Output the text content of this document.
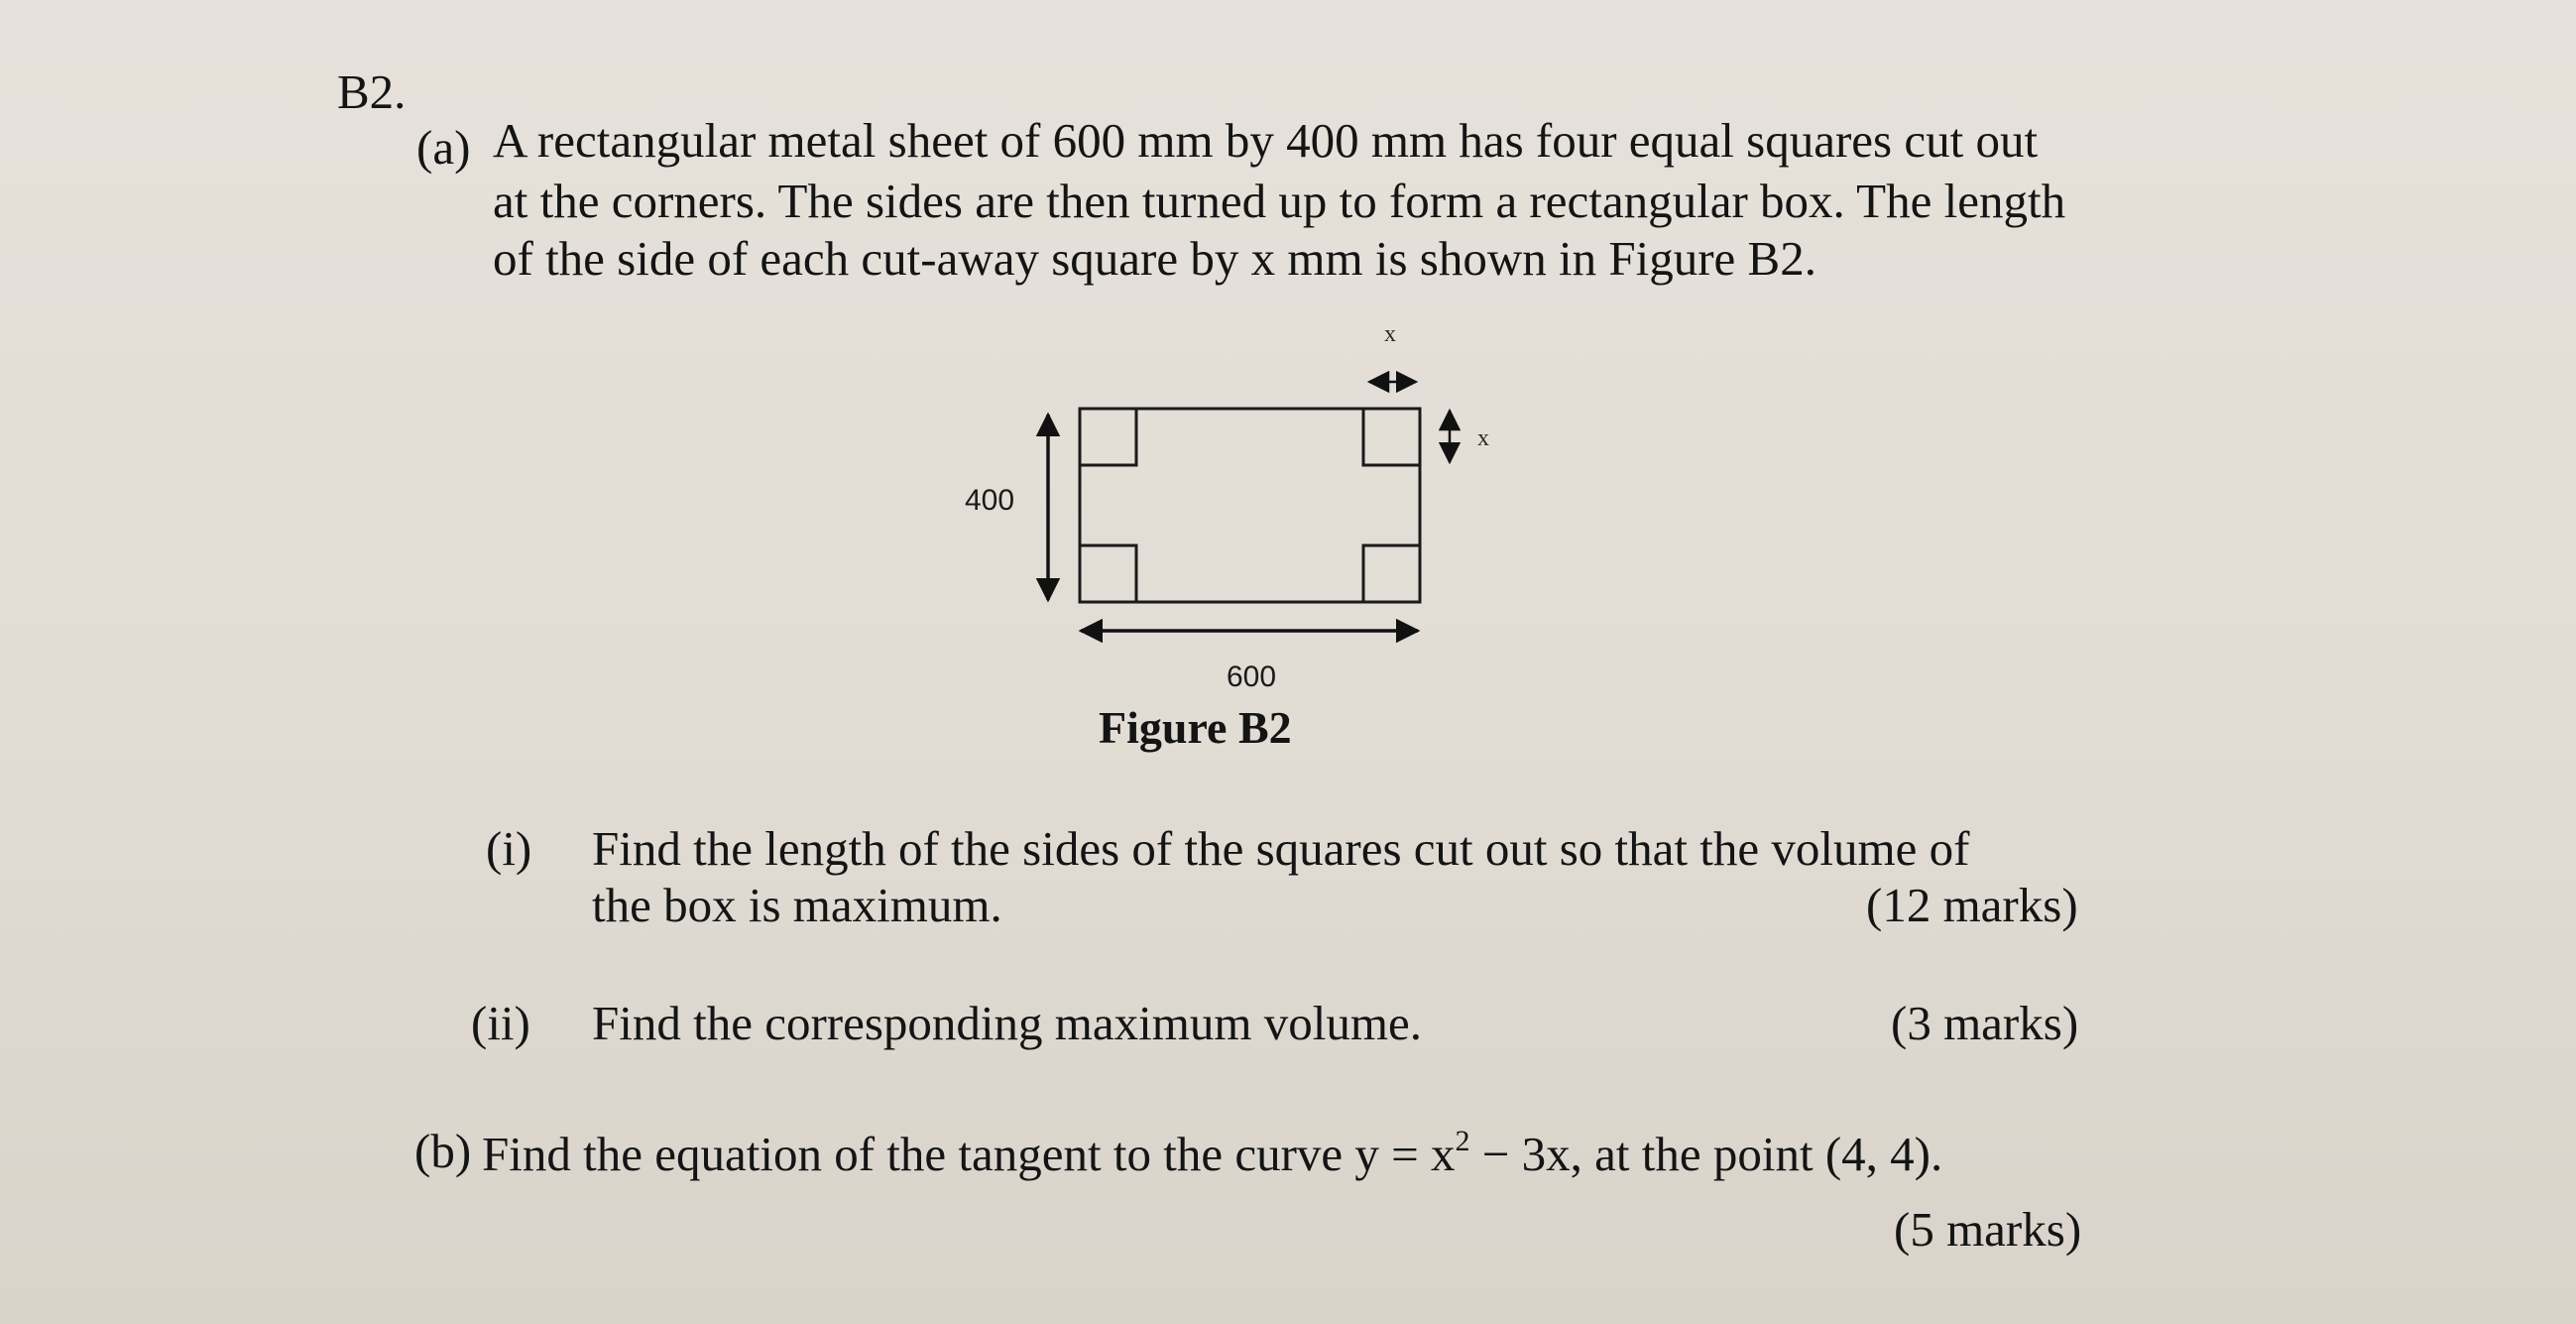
B2.
(a) A rectangular metal sheet of 600 mm by 400 mm has four equal squares cut out
at the corners. The sides are then turned up to form a rectangular box. The length
of the side of each cut-away square by x mm is shown in Figure B2.
400
600
x
x
Figure B2
(i) Find the length of the sides of the squares cut out so that the volume of
the box is maximum.	(12 marks)
(ii) Find the corresponding maximum volume.	(3 marks)
(b) Find the equation of the tangent to the curve $y = x^2 - 3x$, at the point (4, 4).
(5 marks)
